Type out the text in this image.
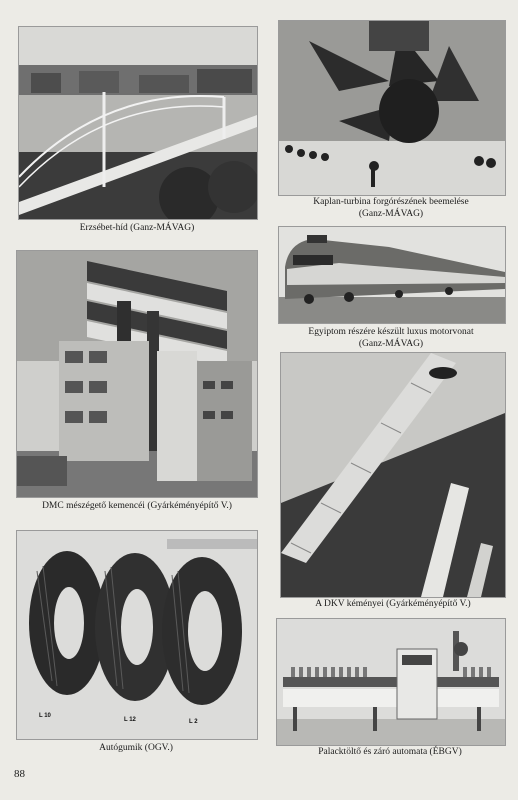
Erzsébet-híd (Ganz-MÁVAG)
DMC mészégető kemencéi (Gyárkéményépítő V.)
L 10
L 12	L 2
Autógumik (OGV.)
Kaplan-turbina forgórészének beemelése
(Ganz-MÁVAG)
Egyiptom részére készült luxus motorvonat
(Ganz-MÁVAG)
A DKV kéményei (Gyárkéményépítő V.)
Palacktöltő és záró automata (ÉBGV)
88
